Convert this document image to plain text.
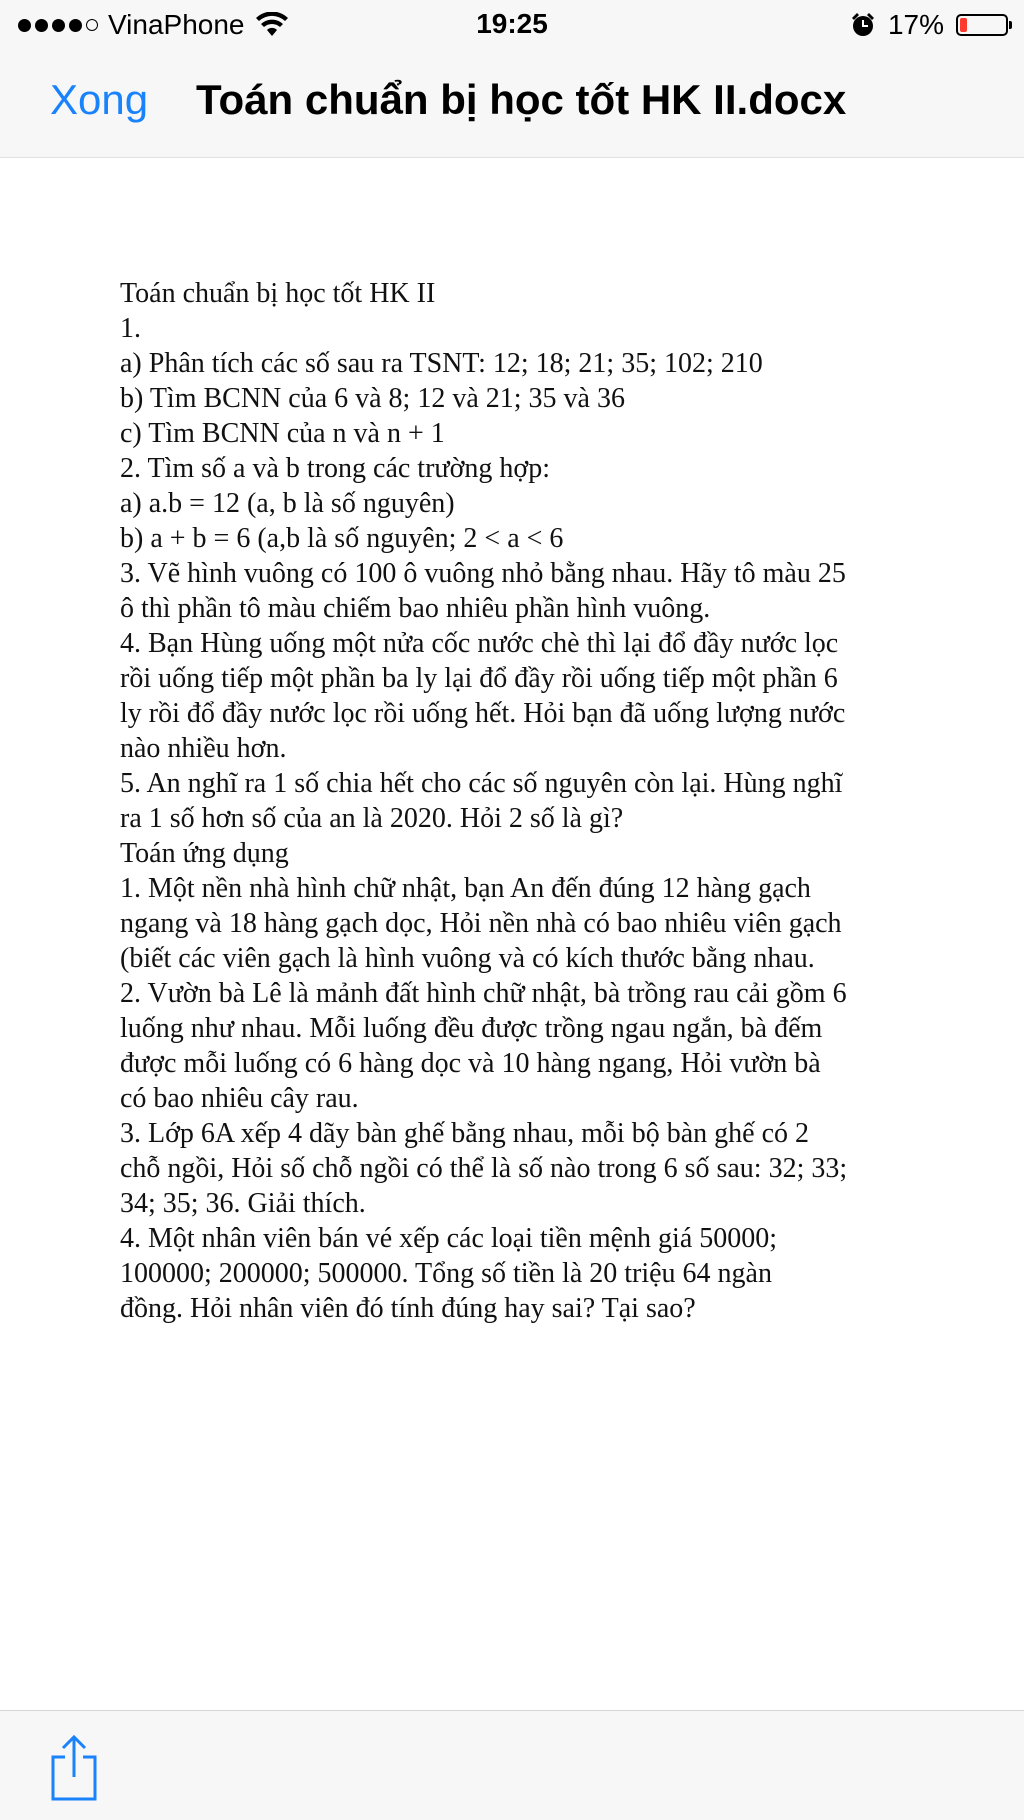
VinaPhone	19:25	17%
Xong Toán chuẩn bị học tốt HK II.docx
Toán chuẩn bị học tốt HK II
1.
a) Phân tích các số sau ra TSNT: 12; 18; 21; 35; 102; 210
b) Tìm BCNN của 6 và 8; 12 và 21; 35 và 36
c) Tìm BCNN của n và n + 1
2. Tìm số a và b trong các trường hợp:
a) a.b = 12 (a, b là số nguyên)
b) a + b = 6 (a,b là số nguyên; 2 < a < 6
3. Vẽ hình vuông có 100 ô vuông nhỏ bằng nhau. Hãy tô màu 25
ô thì phần tô màu chiếm bao nhiêu phần hình vuông.
4. Bạn Hùng uống một nửa cốc nước chè thì lại đổ đầy nước lọc
rồi uống tiếp một phần ba ly lại đổ đầy rồi uống tiếp một phần 6
ly rồi đổ đầy nước lọc rồi uống hết. Hỏi bạn đã uống lượng nước
nào nhiều hơn.
5. An nghĩ ra 1 số chia hết cho các số nguyên còn lại. Hùng nghĩ
ra 1 số hơn số của an là 2020. Hỏi 2 số là gì?
Toán ứng dụng
1. Một nền nhà hình chữ nhật, bạn An đến đúng 12 hàng gạch
ngang và 18 hàng gạch dọc, Hỏi nền nhà có bao nhiêu viên gạch
(biết các viên gạch là hình vuông và có kích thước bằng nhau.
2. Vườn bà Lê là mảnh đất hình chữ nhật, bà trồng rau cải gồm 6
luống như nhau. Mỗi luống đều được trồng ngau ngắn, bà đếm
được mỗi luống có 6 hàng dọc và 10 hàng ngang, Hỏi vườn bà
có bao nhiêu cây rau.
3. Lớp 6A xếp 4 dãy bàn ghế bằng nhau, mỗi bộ bàn ghế có 2
chỗ ngồi, Hỏi số chỗ ngồi có thể là số nào trong 6 số sau: 32; 33;
34; 35; 36. Giải thích.
4. Một nhân viên bán vé xếp các loại tiền mệnh giá 50000;
100000; 200000; 500000. Tổng số tiền là 20 triệu 64 ngàn
đồng. Hỏi nhân viên đó tính đúng hay sai? Tại sao?
